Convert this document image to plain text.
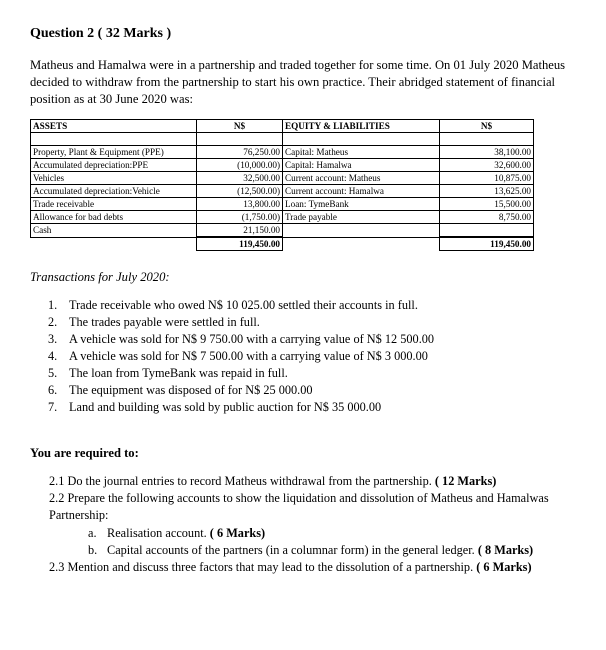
Question 2 ( 32 Marks )
Matheus and Hamalwa were in a partnership and traded together for some time. On 01 July 2020 Matheus decided to withdraw from the partnership to start his own practice. Their abridged statement of financial position as at 30 June 2020 was:
ASSETS	N$	EQUITY & LIABILITIES	N$

Property, Plant & Equipment (PPE)	76,250.00	Capital: Matheus	38,100.00
Accumulated depreciation:PPE	(10,000.00)	Capital: Hamalwa	32,600.00
Vehicles	32,500.00	Current account: Matheus	10,875.00
Accumulated depreciation:Vehicle	(12,500.00)	Current account: Hamalwa	13,625.00
Trade receivable	13,800.00	Loan: TymeBank	15,500.00
Allowance for bad debts	(1,750.00)	Trade payable	8,750.00
Cash	21,150.00		
	119,450.00		119,450.00
Transactions for July 2020:
1. Trade receivable who owed N$ 10 025.00 settled their accounts in full.
2. The trades payable were settled in full.
3. A vehicle was sold for N$ 9 750.00 with a carrying value of N$ 12 500.00
4. A vehicle was sold for N$ 7 500.00 with a carrying value of N$ 3 000.00
5. The loan from TymeBank was repaid in full.
6. The equipment was disposed of for N$ 25 000.00
7. Land and building was sold by public auction for N$ 35 000.00
You are required to:
2.1 Do the journal entries to record Matheus withdrawal from the partnership. ( 12 Marks)
2.2 Prepare the following accounts to show the liquidation and dissolution of Matheus and Hamalwas Partnership:
a. Realisation account. ( 6 Marks)
b. Capital accounts of the partners (in a columnar form) in the general ledger. ( 8 Marks)
2.3 Mention and discuss three factors that may lead to the dissolution of a partnership. ( 6 Marks)
